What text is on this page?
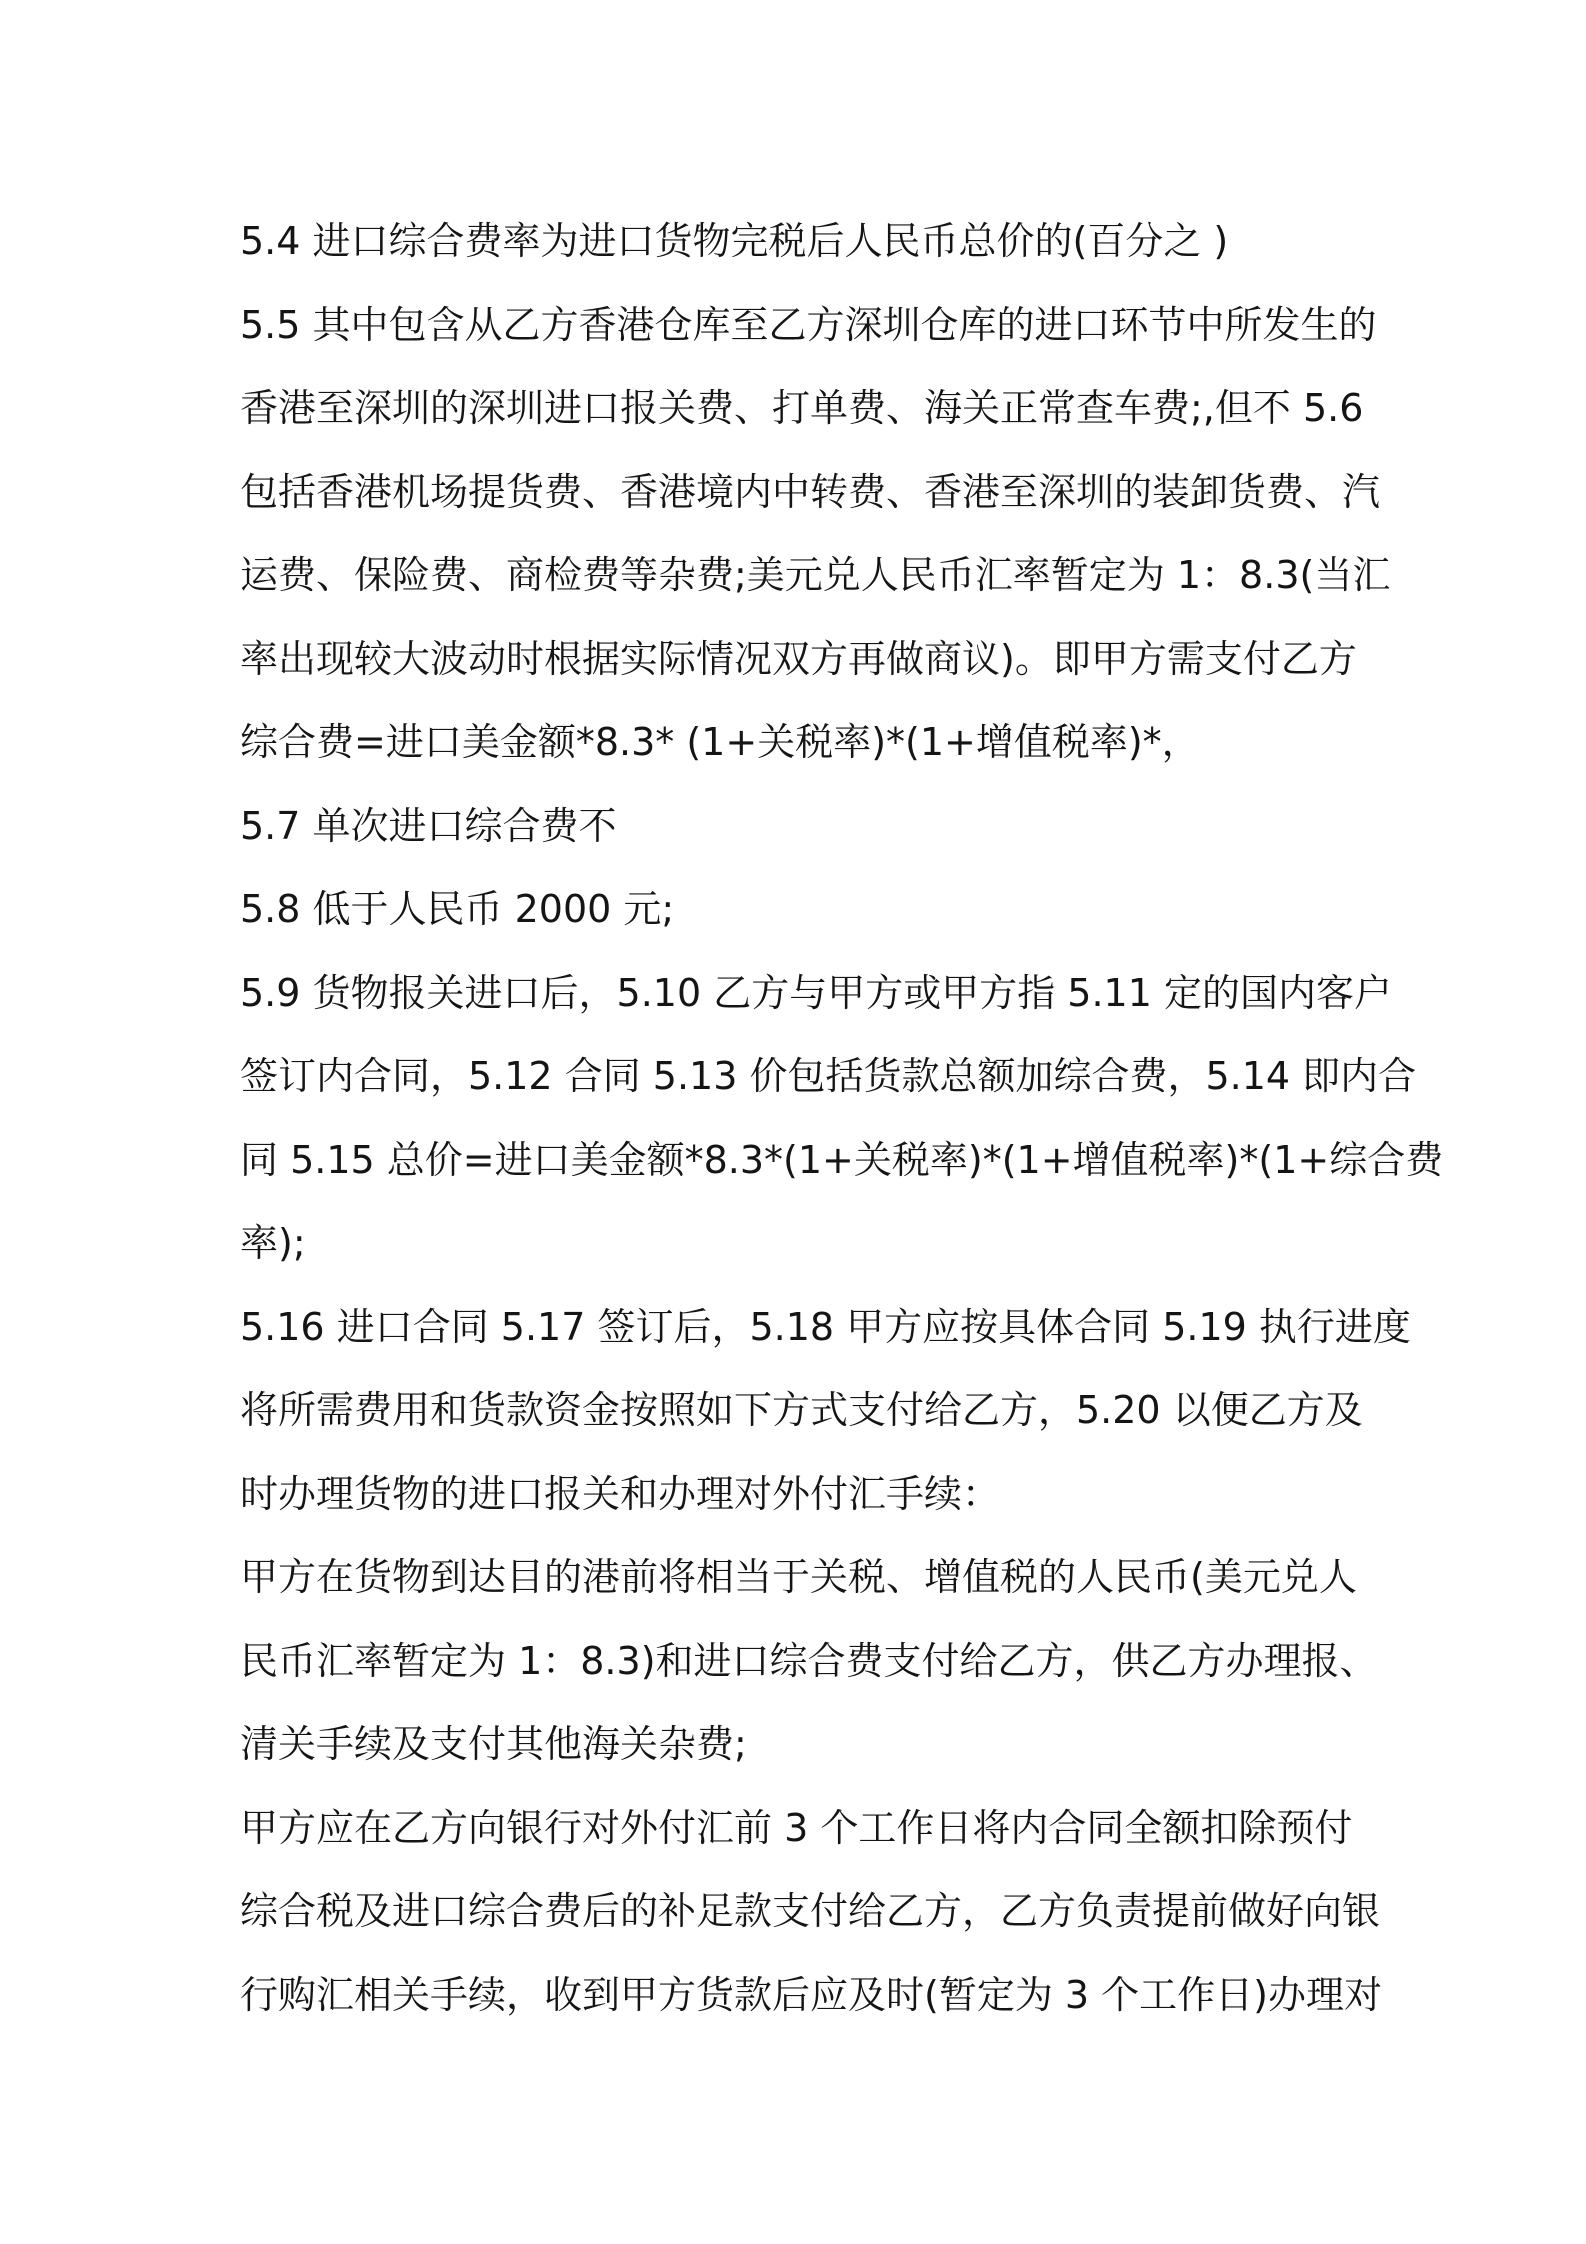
5.4 进口综合费率为进口货物完税后人民币总价的(百分之 )
5.5 其中包含从乙方香港仓库至乙方深圳仓库的进口环节中所发生的
香港至深圳的深圳进口报关费、打单费、海关正常查车费;,但不 5.6
包括香港机场提货费、香港境内中转费、香港至深圳的装卸货费、汽
运费、保险费、商检费等杂费;美元兑人民币汇率暂定为 1：8.3(当汇
率出现较大波动时根据实际情况双方再做商议)。即甲方需支付乙方
综合费=进口美金额*8.3* (1+关税率)*(1+增值税率)*，
5.7 单次进口综合费不
5.8 低于人民币 2000 元;
5.9 货物报关进口后，5.10 乙方与甲方或甲方指 5.11 定的国内客户
签订内合同，5.12 合同 5.13 价包括货款总额加综合费，5.14 即内合
同 5.15 总价=进口美金额*8.3*(1+关税率)*(1+增值税率)*(1+综合费
率);
5.16 进口合同 5.17 签订后，5.18 甲方应按具体合同 5.19 执行进度
将所需费用和货款资金按照如下方式支付给乙方，5.20 以便乙方及
时办理货物的进口报关和办理对外付汇手续：
甲方在货物到达目的港前将相当于关税、增值税的人民币(美元兑人
民币汇率暂定为 1：8.3)和进口综合费支付给乙方，供乙方办理报、
清关手续及支付其他海关杂费;
甲方应在乙方向银行对外付汇前 3 个工作日将内合同全额扣除预付
综合税及进口综合费后的补足款支付给乙方，乙方负责提前做好向银
行购汇相关手续，收到甲方货款后应及时(暂定为 3 个工作日)办理对
